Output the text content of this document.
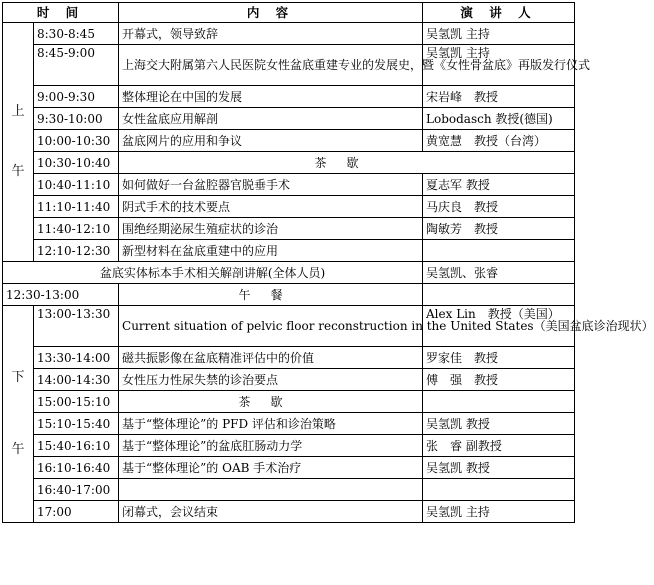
时 间		内 容	演 讲 人

上
午	8:30-8:45	开幕式，领导致辞	吴氢凯 主持
	8:45-9:00	上海交大附属第六人民医院女性盆底重建专业的发展史，暨《女性骨盆底》再版发行仪式	吴氢凯 主持
	9:00-9:30	整体理论在中国的发展	宋岩峰　教授
	9:30-10:00	女性盆底应用解剖	Lobodasch 教授(德国)
	10:00-10:30	盆底网片的应用和争议	黄宽慧　教授（台湾）
	10:30-10:40	茶歇	
	10:40-11:10	如何做好一台盆腔器官脱垂手术	夏志军 教授
	11:10-11:40	阴式手术的技术要点	马庆良　教授
	11:40-12:10	围绝经期泌尿生殖症状的诊治	陶敏芳　教授
	12:10-12:30	新型材料在盆底重建中的应用	
盆底实体标本手术相关解剖讲解(全体人员)			吴氢凯、张睿
12:30-13:00		午餐	

下
午	13:00-13:30	Current situation of pelvic floor reconstruction in the United States（美国盆底诊治现状）	Alex Lin　教授（美国）
	13:30-14:00	磁共振影像在盆底精准评估中的价值	罗家佳　教授
	14:00-14:30	女性压力性尿失禁的诊治要点	傅　强　教授
	15:00-15:10	茶歇	
	15:10-15:40	基于“整体理论”的 PFD 评估和诊治策略	吴氢凯 教授
	15:40-16:10	基于“整体理论”的盆底肛肠动力学	张　睿 副教授
	16:10-16:40	基于“整体理论”的 OAB 手术治疗	吴氢凯 教授
	16:40-17:00		
	17:00	闭幕式，会议结束	吴氢凯 主持
